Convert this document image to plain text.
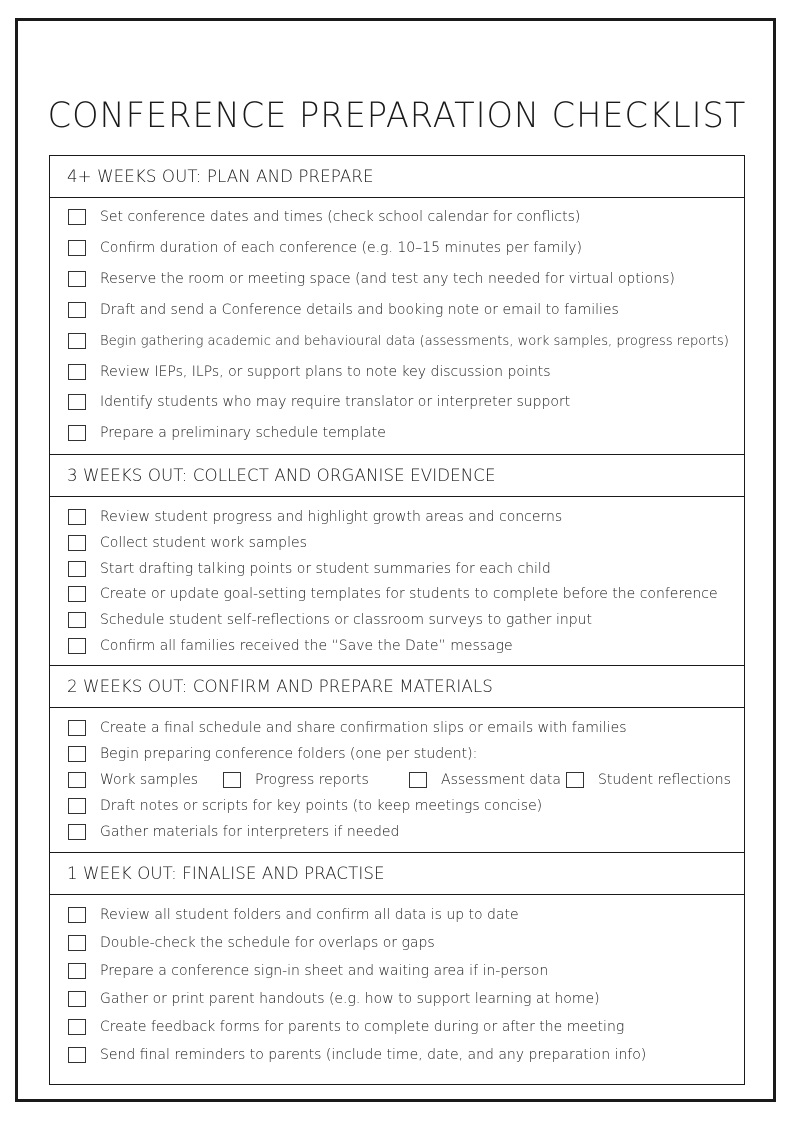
CONFERENCE PREPARATION CHECKLIST
4+ WEEKS OUT: PLAN AND PREPARE
Set conference dates and times (check school calendar for conflicts)
Confirm duration of each conference (e.g. 10–15 minutes per family)
Reserve the room or meeting space (and test any tech needed for virtual options)
Draft and send a Conference details and booking note or email to families
Begin gathering academic and behavioural data (assessments, work samples, progress reports)
Review IEPs, ILPs, or support plans to note key discussion points
Identify students who may require translator or interpreter support
Prepare a preliminary schedule template
3 WEEKS OUT: COLLECT AND ORGANISE EVIDENCE
Review student progress and highlight growth areas and concerns
Collect student work samples
Start drafting talking points or student summaries for each child
Create or update goal-setting templates for students to complete before the conference
Schedule student self-reflections or classroom surveys to gather input
Confirm all families received the “Save the Date” message
2 WEEKS OUT: CONFIRM AND PREPARE MATERIALS
Create a final schedule and share confirmation slips or emails with families
Begin preparing conference folders (one per student):
Work samples	Progress reports	Assessment data	Student reflections
Draft notes or scripts for key points (to keep meetings concise)
Gather materials for interpreters if needed
1 WEEK OUT: FINALISE AND PRACTISE
Review all student folders and confirm all data is up to date
Double-check the schedule for overlaps or gaps
Prepare a conference sign-in sheet and waiting area if in-person
Gather or print parent handouts (e.g. how to support learning at home)
Create feedback forms for parents to complete during or after the meeting
Send final reminders to parents (include time, date, and any preparation info)
